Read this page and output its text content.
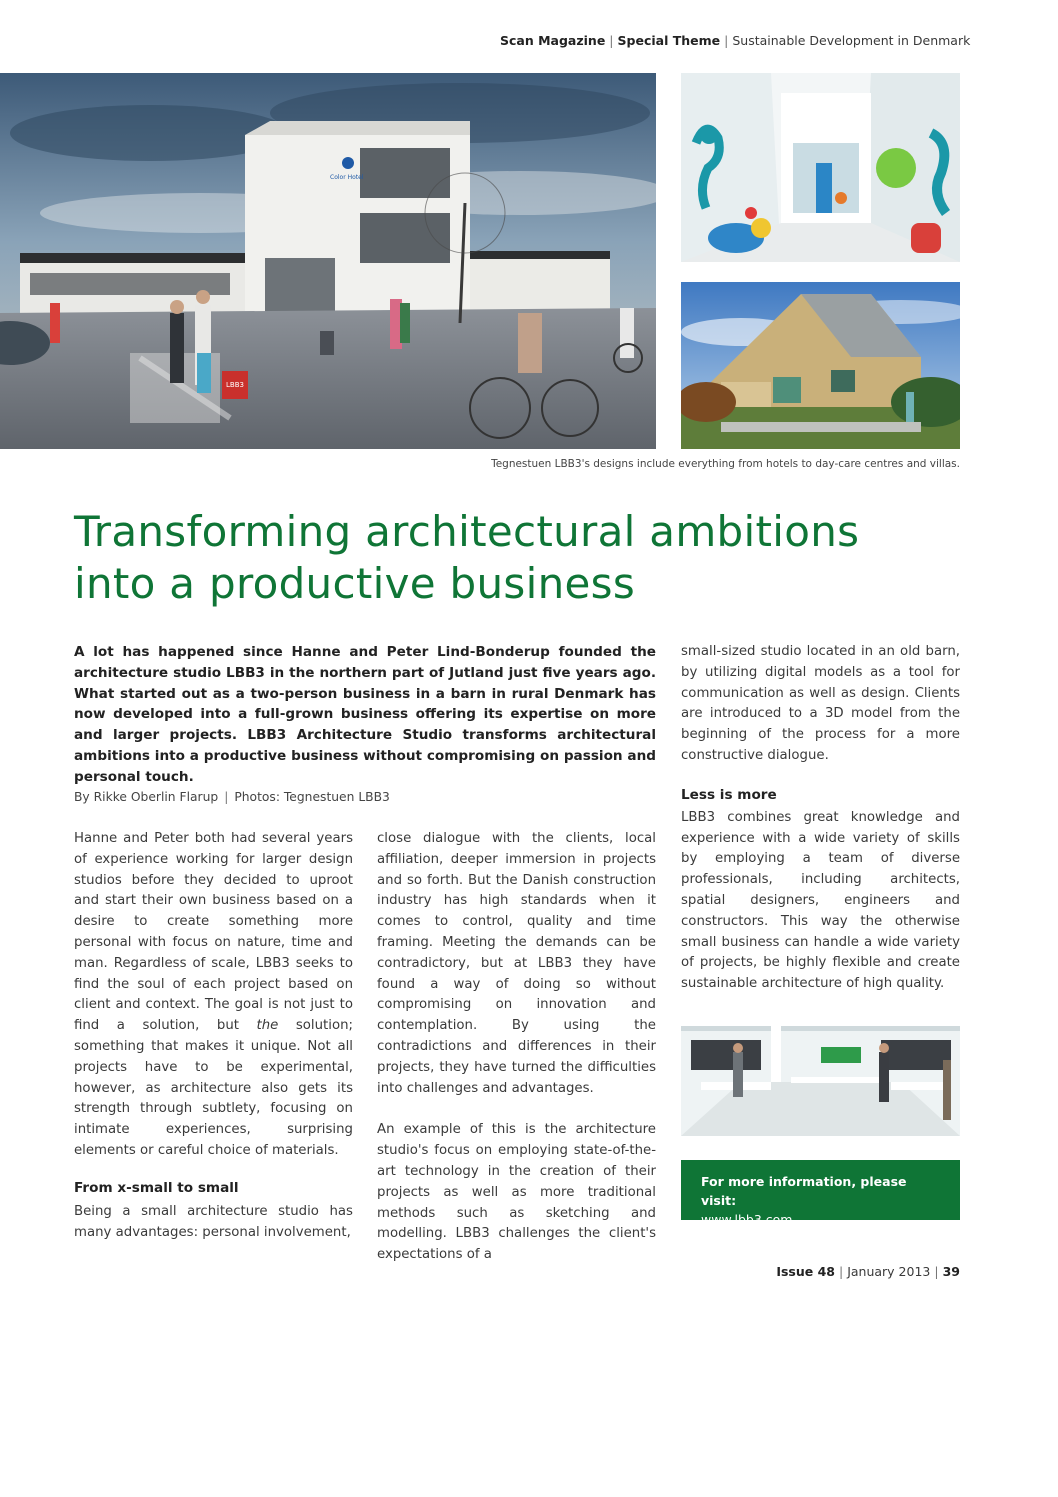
Scan Magazine | Special Theme | Sustainable Development in Denmark
Color Hotel
LBB3
Tegnestuen LBB3's designs include everything from hotels to day-care centres and villas.
Transforming architectural ambitions
into a productive business

A lot has happened since Hanne and Peter Lind-Bonderup founded the architecture studio LBB3 in the northern part of Jutland just five years ago. What started out as a two-person business in a barn in rural Denmark has now developed into a full-grown business offering its expertise on more and larger projects. LBB3 Architecture Studio transforms architectural ambitions into a productive business without compromising on passion and personal touch.

By Rikke Oberlin Flarup | Photos: Tegnestuen LBB3

Hanne and Peter both had several years of experience working for larger design studios before they decided to uproot and start their own business based on a desire to create something more personal with focus on nature, time and man. Regardless of scale, LBB3 seeks to find the soul of each project based on client and context. The goal is not just to find a solution, but the solution; something that makes it unique. Not all projects have to be experimental, however, as architecture also gets its strength through subtlety, focusing on intimate experiences, surprising elements or careful choice of materials.

From x-small to small

Being a small architecture studio has many advantages: personal involvement,

close dialogue with the clients, local affiliation, deeper immersion in projects and so forth. But the Danish construction industry has high standards when it comes to control, quality and time framing. Meeting the demands can be contradictory, but at LBB3 they have found a way of doing so without compromising on innovation and contemplation. By using the contradictions and differences in their projects, they have turned the difficulties into challenges and advantages.

An example of this is the architecture studio's focus on employing state-of-the-art technology in the creation of their projects as well as more traditional methods such as sketching and modelling. LBB3 challenges the client's expectations of a

small-sized studio located in an old barn, by utilizing digital models as a tool for communication as well as design. Clients are introduced to a 3D model from the beginning of the process for a more constructive dialogue.

Less is more

LBB3 combines great knowledge and experience with a wide variety of skills by employing a team of diverse professionals, including architects, spatial designers, engineers and constructors. This way the otherwise small business can handle a wide variety of projects, be highly flexible and create sustainable architecture of high quality.

For more information, please visit:
www.lbb3.com
Issue 48 | January 2013 | 39
